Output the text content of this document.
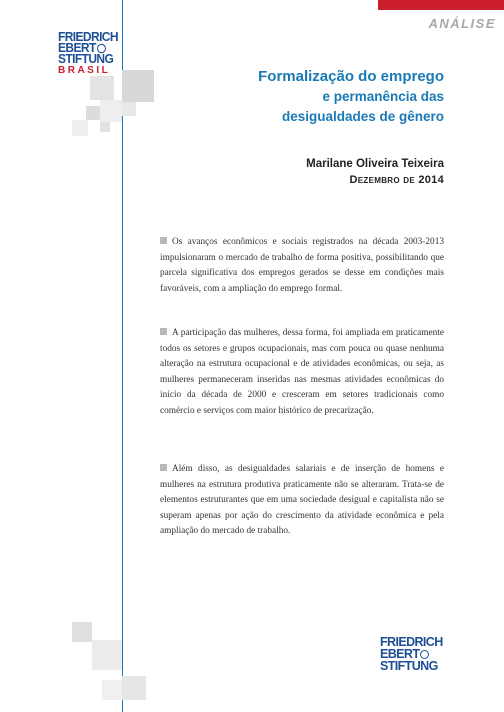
ANÁLISE
FRIEDRICH
EBERT
STIFTUNG
BRASIL	Formalização do emprego
e permanência das
desigualdades de gênero
Marilane Oliveira Teixeira
Dezembro de 2014
Os avanços econômicos e sociais registrados na década 2003-2013 impulsionaram o mercado de trabalho de forma positiva, possibilitando que parcela significativa dos empregos gerados se desse em condições mais favoráveis, com a ampliação do emprego formal.
A participação das mulheres, dessa forma, foi ampliada em praticamente todos os setores e grupos ocupacionais, mas com pouca ou quase nenhuma alteração na estrutura ocupacional e de atividades econômicas, ou seja, as mulheres permaneceram inseridas nas mesmas atividades econômicas do início da década de 2000 e cresceram em setores tradicionais como comércio e serviços com maior histórico de precarização.
Além disso, as desigualdades salariais e de inserção de homens e mulheres na estrutura produtiva praticamente não se alteraram. Trata-se de elementos estruturantes que em uma sociedade desigual e capitalista não se superam apenas por ação do crescimento da atividade econômica e pela ampliação do mercado de trabalho.
FRIEDRICH
EBERT
STIFTUNG
